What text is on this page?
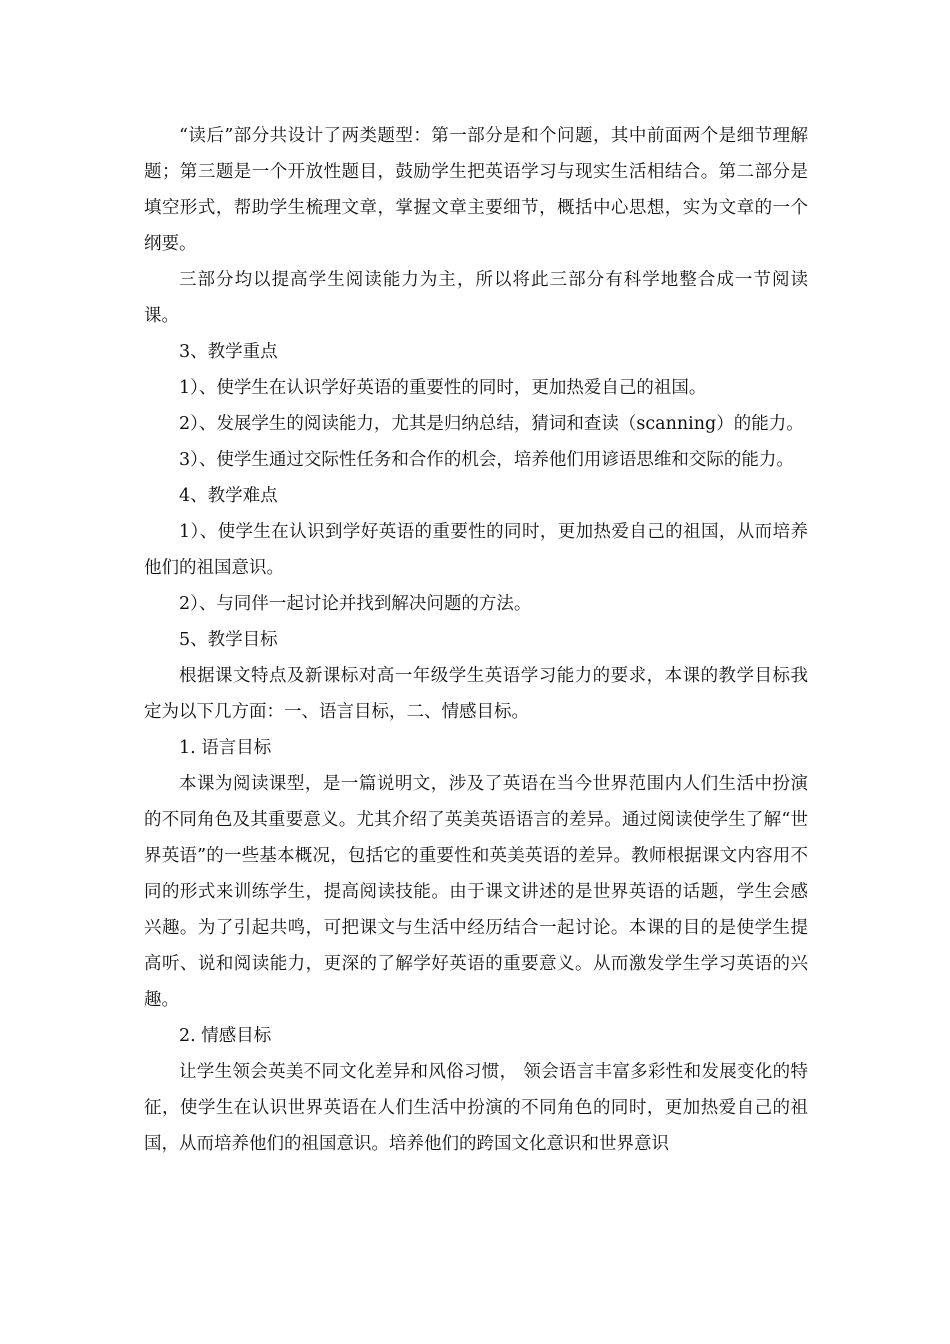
“读后”部分共设计了两类题型：第一部分是和个问题，其中前面两个是细节理解题；第三题是一个开放性题目，鼓励学生把英语学习与现实生活相结合。第二部分是填空形式，帮助学生梳理文章，掌握文章主要细节，概括中心思想，实为文章的一个纲要。

三部分均以提高学生阅读能力为主，所以将此三部分有科学地整合成一节阅读课。

3、教学重点

1）、使学生在认识学好英语的重要性的同时，更加热爱自己的祖国。

2）、发展学生的阅读能力，尤其是归纳总结，猜词和查读（scanning）的能力。

3）、使学生通过交际性任务和合作的机会，培养他们用谚语思维和交际的能力。

4、教学难点

1）、使学生在认识到学好英语的重要性的同时，更加热爱自己的祖国，从而培养他们的祖国意识。

2）、与同伴一起讨论并找到解决问题的方法。

5、教学目标

根据课文特点及新课标对高一年级学生英语学习能力的要求，本课的教学目标我定为以下几方面：一、语言目标，二、情感目标。

1. 语言目标

本课为阅读课型，是一篇说明文，涉及了英语在当今世界范围内人们生活中扮演的不同角色及其重要意义。尤其介绍了英美英语语言的差异。通过阅读使学生了解“世界英语”的一些基本概况，包括它的重要性和英美英语的差异。教师根据课文内容用不同的形式来训练学生，提高阅读技能。由于课文讲述的是世界英语的话题，学生会感兴趣。为了引起共鸣，可把课文与生活中经历结合一起讨论。本课的目的是使学生提高听、说和阅读能力，更深的了解学好英语的重要意义。从而激发学生学习英语的兴趣。

2. 情感目标

让学生领会英美不同文化差异和风俗习惯， 领会语言丰富多彩性和发展变化的特征，使学生在认识世界英语在人们生活中扮演的不同角色的同时，更加热爱自己的祖国，从而培养他们的祖国意识。培养他们的跨国文化意识和世界意识
